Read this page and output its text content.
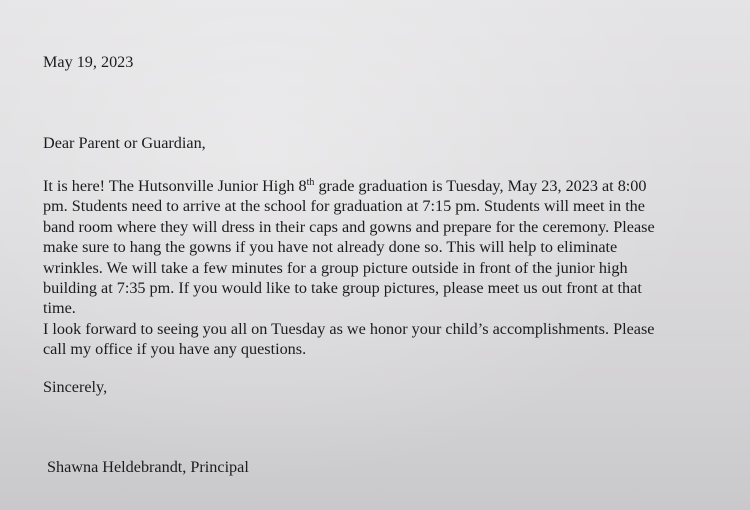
May 19, 2023

Dear Parent or Guardian,

It is here! The Hutsonville Junior High 8th grade graduation is Tuesday, May 23, 2023 at 8:00
pm. Students need to arrive at the school for graduation at 7:15 pm. Students will meet in the
band room where they will dress in their caps and gowns and prepare for the ceremony. Please
make sure to hang the gowns if you have not already done so. This will help to eliminate
wrinkles. We will take a few minutes for a group picture outside in front of the junior high
building at 7:35 pm. If you would like to take group pictures, please meet us out front at that
time.
I look forward to seeing you all on Tuesday as we honor your child’s accomplishments. Please
call my office if you have any questions.

Sincerely,

Shawna Heldebrandt, Principal
